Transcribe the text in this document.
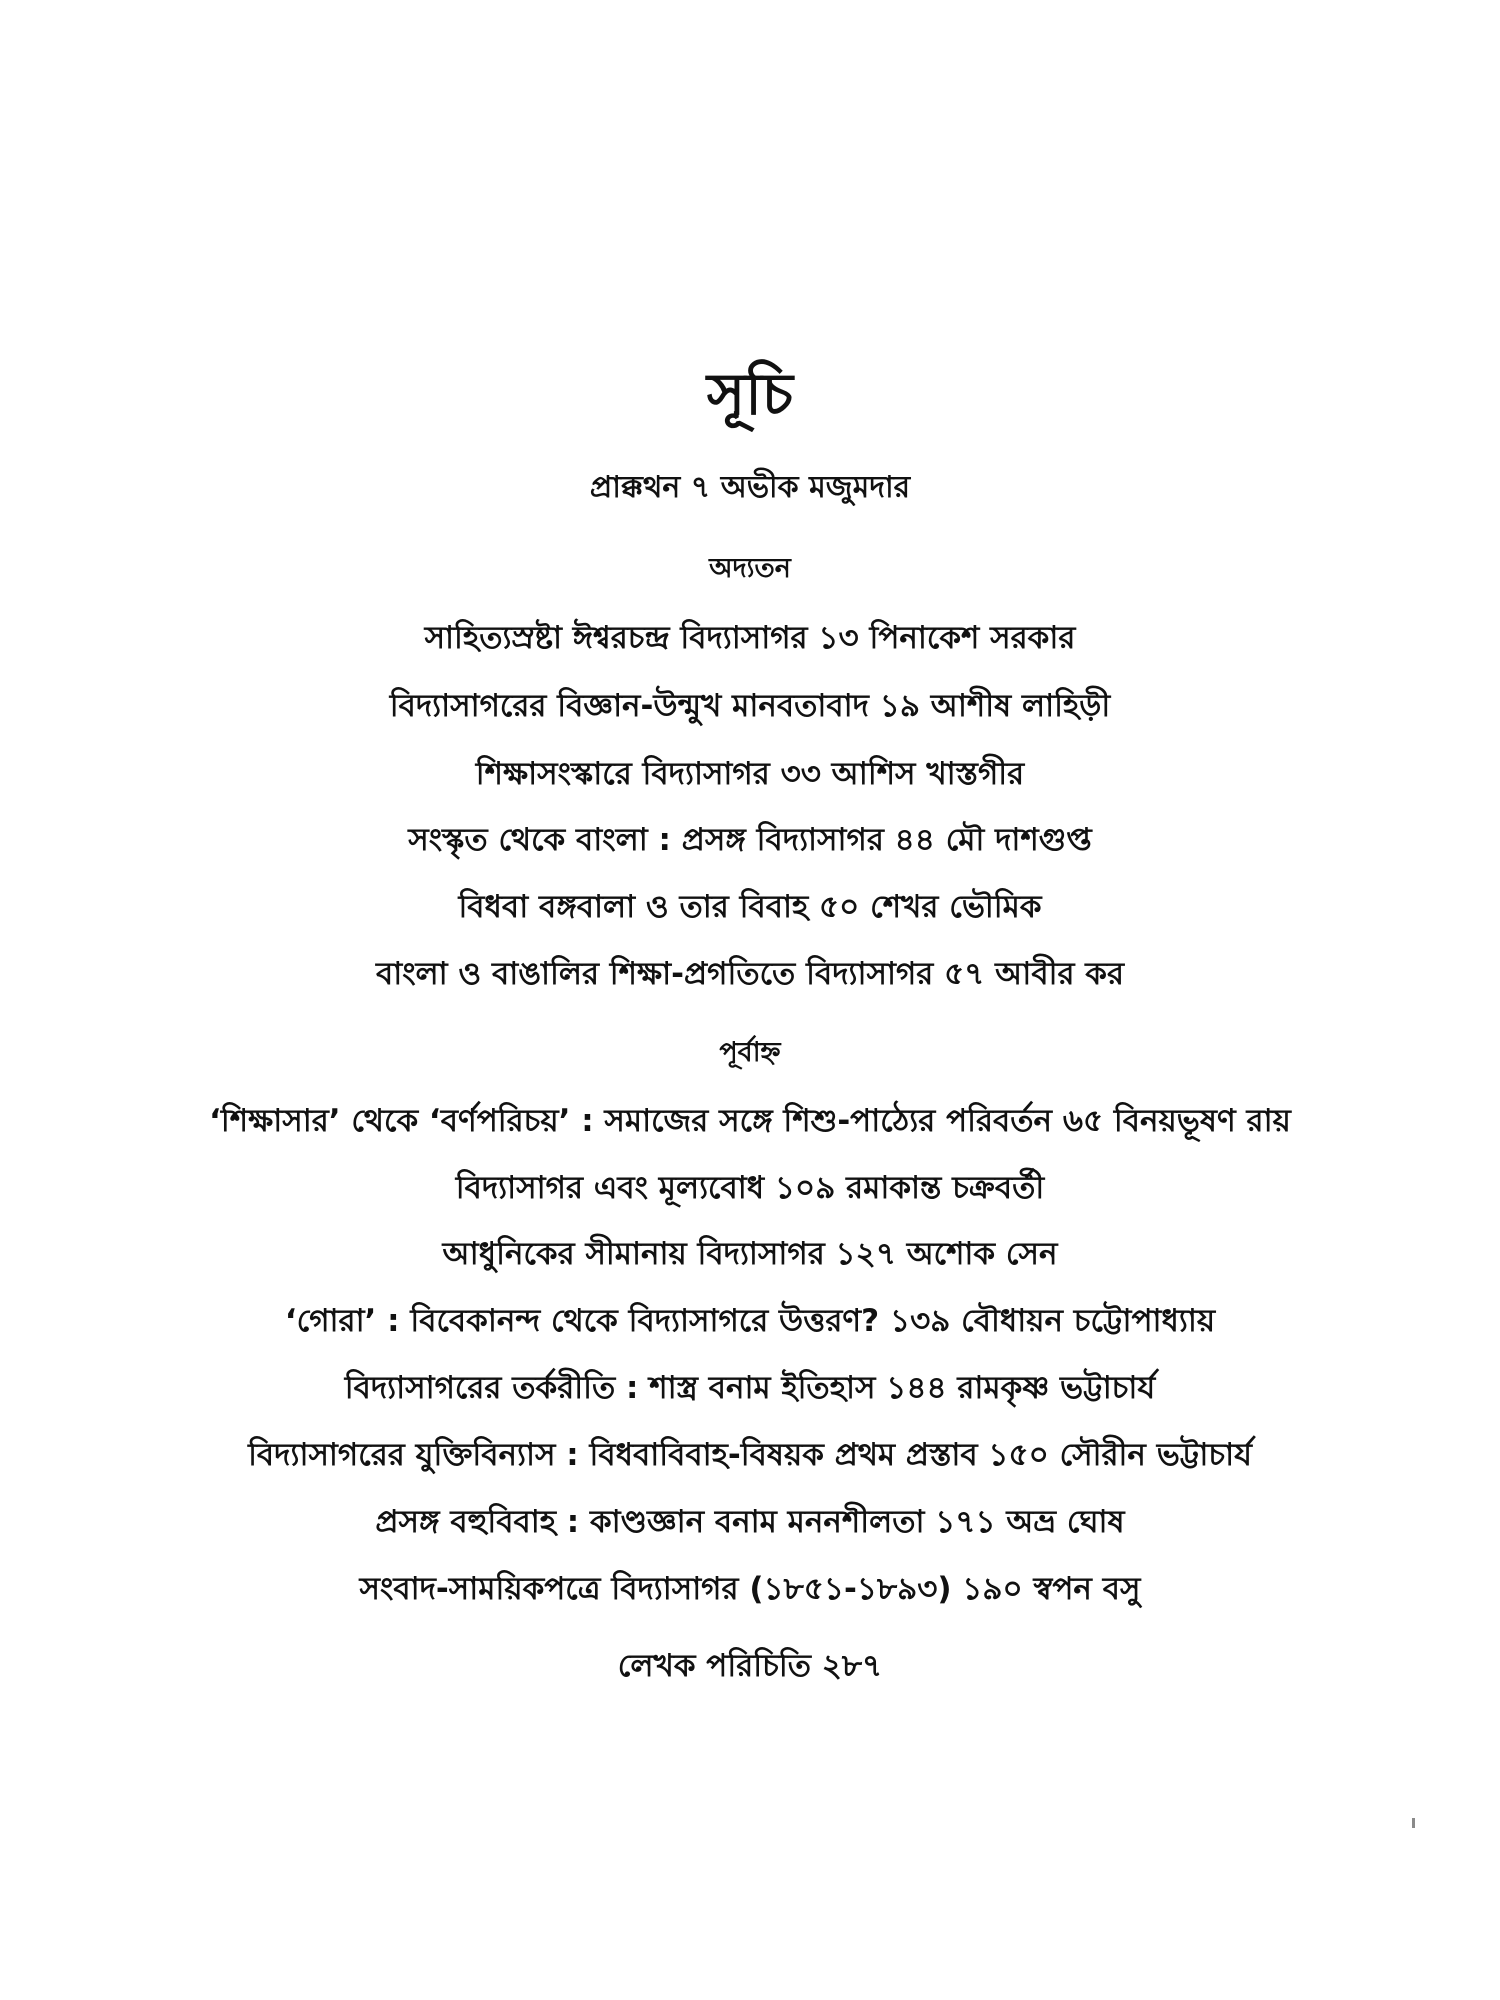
সূচি
প্রাক্কথন ৭ অভীক মজুমদার
অদ্যতন
সাহিত্যস্রষ্টা ঈশ্বরচন্দ্র বিদ্যাসাগর ১৩ পিনাকেশ সরকার
বিদ্যাসাগরের বিজ্ঞান-উন্মুখ মানবতাবাদ ১৯ আশীষ লাহিড়ী
শিক্ষাসংস্কারে বিদ্যাসাগর ৩৩ আশিস খাস্তগীর
সংস্কৃত থেকে বাংলা : প্রসঙ্গ বিদ্যাসাগর ৪৪ মৌ দাশগুপ্ত
বিধবা বঙ্গবালা ও তার বিবাহ ৫০ শেখর ভৌমিক
বাংলা ও বাঙালির শিক্ষা-প্রগতিতে বিদ্যাসাগর ৫৭ আবীর কর
পূর্বাহ্ন
‘শিক্ষাসার’ থেকে ‘বর্ণপরিচয়’ : সমাজের সঙ্গে শিশু-পাঠ্যের পরিবর্তন ৬৫ বিনয়ভূষণ রায়
বিদ্যাসাগর এবং মূল্যবোধ ১০৯ রমাকান্ত চক্রবর্তী
আধুনিকের সীমানায় বিদ্যাসাগর ১২৭ অশোক সেন
‘গোরা’ : বিবেকানন্দ থেকে বিদ্যাসাগরে উত্তরণ? ১৩৯ বৌধায়ন চট্টোপাধ্যায়
বিদ্যাসাগরের তর্করীতি : শাস্ত্র বনাম ইতিহাস ১৪৪ রামকৃষ্ণ ভট্টাচার্য
বিদ্যাসাগরের যুক্তিবিন্যাস : বিধবাবিবাহ-বিষয়ক প্রথম প্রস্তাব ১৫০ সৌরীন ভট্টাচার্য
প্রসঙ্গ বহুবিবাহ : কাণ্ডজ্ঞান বনাম মননশীলতা ১৭১ অভ্র ঘোষ
সংবাদ-সাময়িকপত্রে বিদ্যাসাগর (১৮৫১-১৮৯৩) ১৯০ স্বপন বসু
লেখক পরিচিতি ২৮৭
